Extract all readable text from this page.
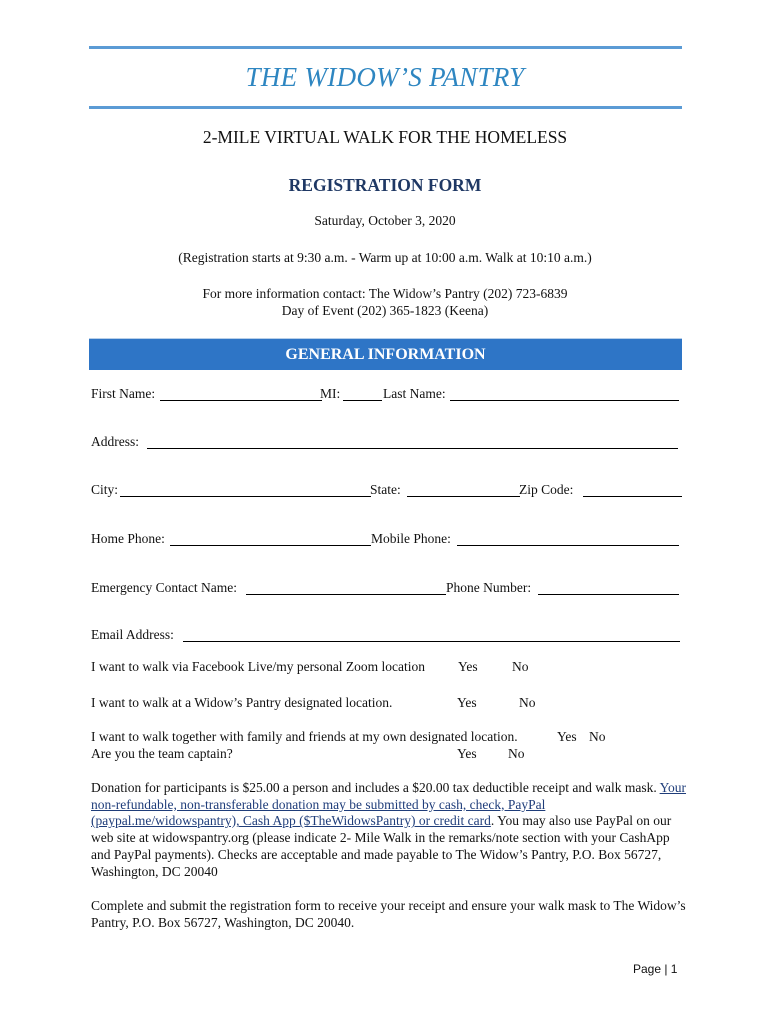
THE WIDOW’S PANTRY
2-MILE VIRTUAL WALK FOR THE HOMELESS
REGISTRATION FORM
Saturday, October 3, 2020
(Registration starts at 9:30 a.m. - Warm up at 10:00 a.m. Walk at 10:10 a.m.)
For more information contact: The Widow’s Pantry (202) 723-6839
Day of Event (202) 365-1823 (Keena)
GENERAL INFORMATION
First Name:	MI:	Last Name:
Address:
City:	State:	Zip Code:
Home Phone:	Mobile Phone:
Emergency Contact Name:	Phone Number:
Email Address:
I want to walk via Facebook Live/my personal Zoom location Yes	No
I want to walk at a Widow’s Pantry designated location.	Yes	No
I want to walk together with family and friends at my own designated location.	Yes No
Are you the team captain?	Yes No
Donation for participants is $25.00 a person and includes a $20.00 tax deductible receipt and walk mask. Your non-refundable, non-transferable donation may be submitted by cash, check, PayPal (paypal.me/widowspantry), Cash App ($TheWidowsPantry) or credit card. You may also use PayPal on our web site at widowspantry.org (please indicate 2- Mile Walk in the remarks/note section with your CashApp and PayPal payments). Checks are acceptable and made payable to The Widow’s Pantry, P.O. Box 56727, Washington, DC 20040
Complete and submit the registration form to receive your receipt and ensure your walk mask to The Widow’s Pantry, P.O. Box 56727, Washington, DC 20040.
Page | 1
